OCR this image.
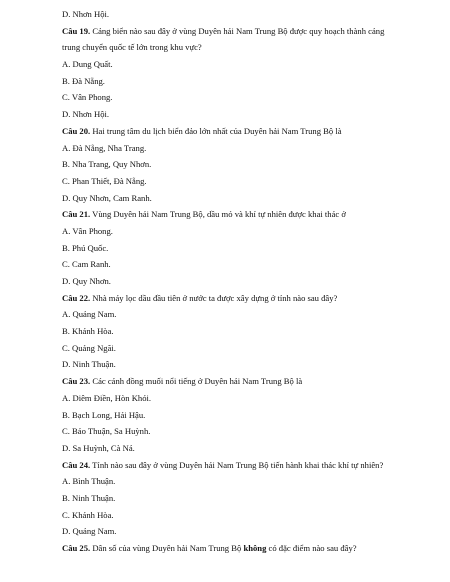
D. Nhơn Hội.
Câu 19. Cảng biển nào sau đây ở vùng Duyên hải Nam Trung Bộ được quy hoạch thành cảng
trung chuyển quốc tế lớn trong khu vực?
A. Dung Quất.
B. Đà Nẵng.
C. Vân Phong.
D. Nhơn Hội.
Câu 20. Hai trung tâm du lịch biển đảo lớn nhất của Duyên hải Nam Trung Bộ là
A. Đà Nẵng, Nha Trang.
B. Nha Trang, Quy Nhơn.
C. Phan Thiết, Đà Nẵng.
D. Quy Nhơn, Cam Ranh.
Câu 21. Vùng Duyên hải Nam Trung Bộ, dầu mỏ và khí tự nhiên được khai thác ở
A. Vân Phong.
B. Phú Quốc.
C. Cam Ranh.
D. Quy Nhơn.
Câu 22. Nhà máy lọc dầu đầu tiên ở nước ta được xây dựng ở tỉnh nào sau đây?
A. Quảng Nam.
B. Khánh Hòa.
C. Quảng Ngãi.
D. Ninh Thuận.
Câu 23. Các cánh đồng muối nổi tiếng ở Duyên hải Nam Trung Bộ là
A. Diêm Điền, Hòn Khói.
B. Bạch Long, Hải Hậu.
C. Bảo Thuận, Sa Huỳnh.
D. Sa Huỳnh, Cà Ná.
Câu 24. Tỉnh nào sau đây ở vùng Duyên hải Nam Trung Bộ tiến hành khai thác khí tự nhiên?
A. Bình Thuận.
B. Ninh Thuận.
C. Khánh Hòa.
D. Quảng Nam.
Câu 25. Dân số của vùng Duyên hải Nam Trung Bộ không có đặc điểm nào sau đây?
